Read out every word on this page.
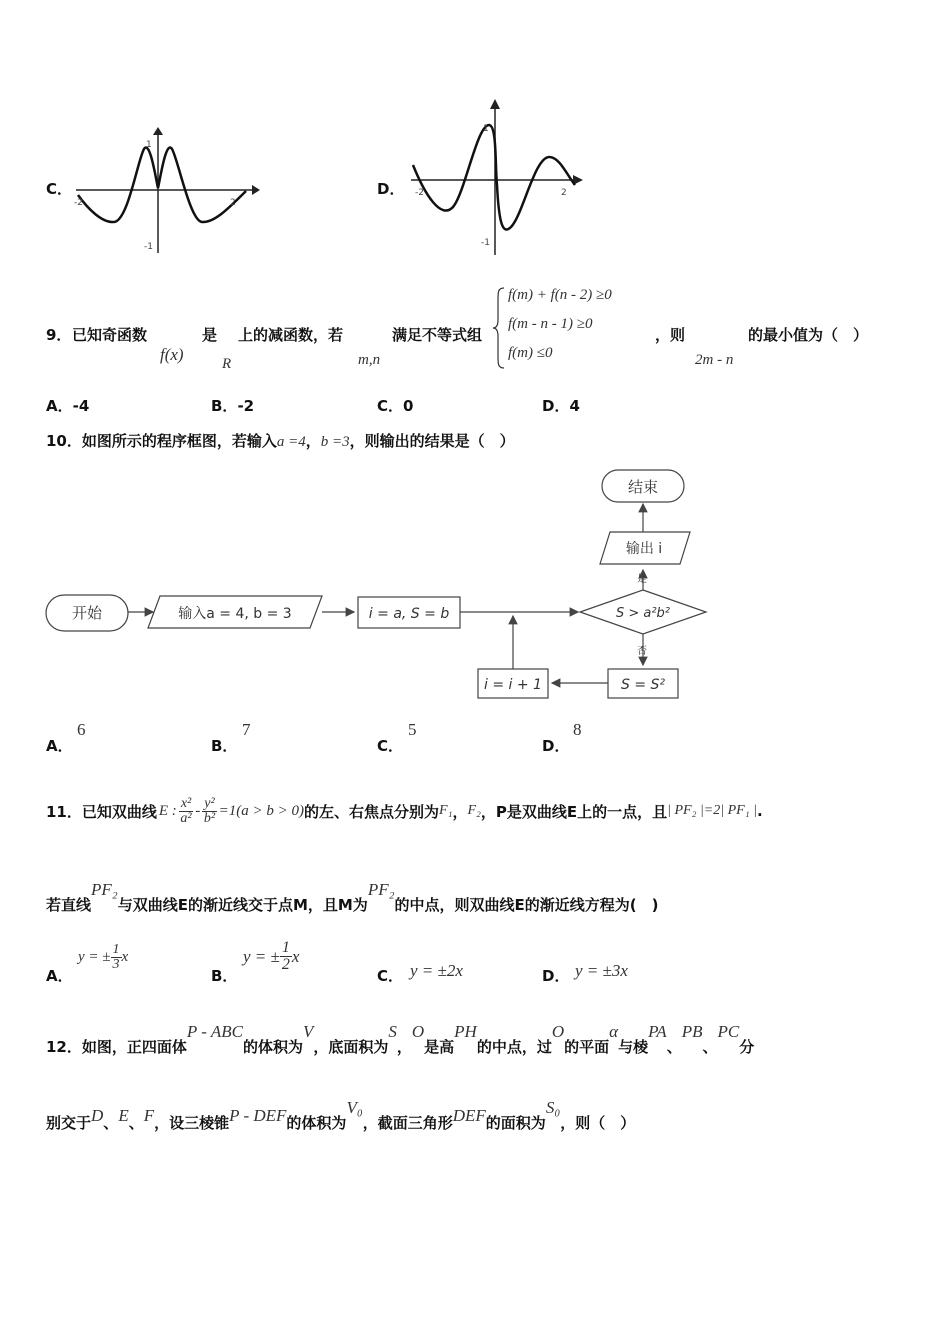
C．
1
-1
-2	2
D．
1
-1
-2	2
9． 已知奇函数
f(x)
是
R
上的减函数，若
m,n
满足不等式组
f(m) + f(n - 2) ≥0
f(m - n - 1) ≥0
f(m) ≤0
，则
2m - n
的最小值为（　）
A．-4	B．-2	C．0	D．4
10．如图所示的程序框图，若输入a =4，b =3，则输出的结果是（　）
开始	输入a = 4, b = 3	i = a, S = b	S > a²b²
是
输出 i
结束
否
S = S²
i = i + 1
A．
6
B．
7
C．
5
D．
8
11． 已知双曲线 E : $\frac{\text{x²}}{\text{a²}} - \frac{\text{y²}}{\text{b²}} =1(a > b > 0)$ 的左、右焦点分别为 F₁ ， F₂ ，P是双曲线E上的一点，且 | PF₂ |=2| PF₁ | .
若直线
PF₂
与双曲线E的渐近线交于点M，且M为
PF₂
的中点，则双曲线E的渐近线方程为(　)
A．
y = ± $\frac{1}{3}$ x
B．
y = ± $\frac{1}{2}$ x
C． y = ±2x	D． y = ±3x
12． 如图，正四面体
P - ABC
的体积为
V
，底面积为
S
，
O
是高
PH
的中点，过
O
的平面
α
与棱
PA
、
PB
、
PC
分
别交于 D 、 E 、 F ，设三棱锥 P - DEF 的体积为
V₀
，截面三角形 DEF 的面积为
S₀
，则（　）
